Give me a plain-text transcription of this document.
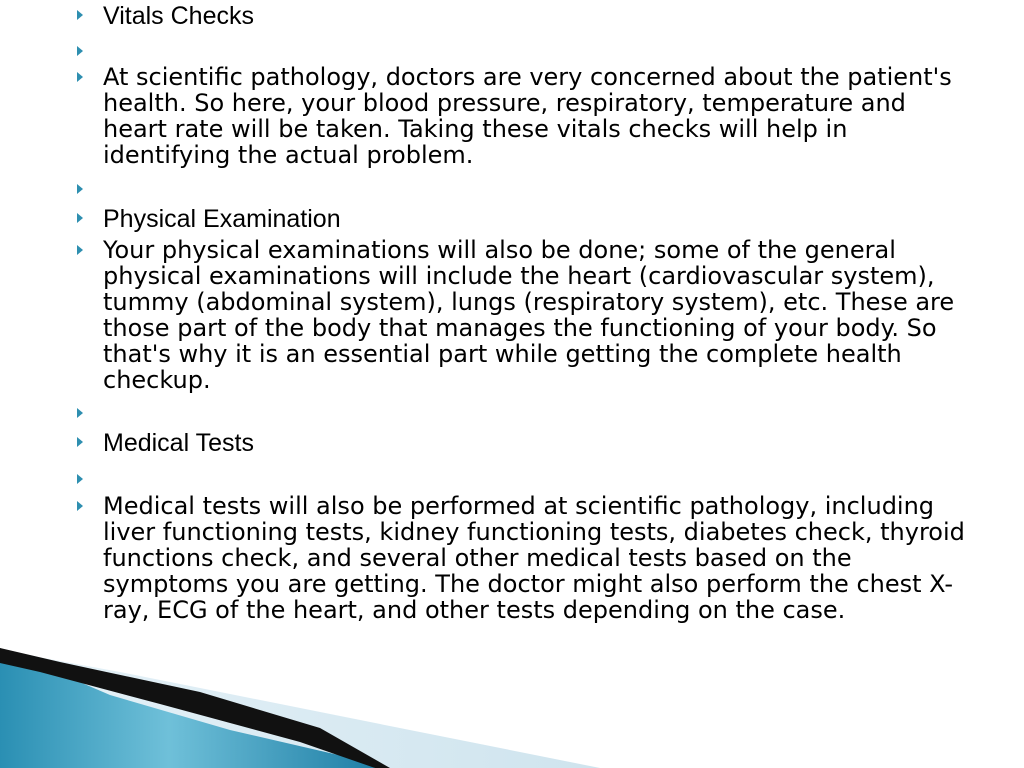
Vitals Checks
At scientific pathology, doctors are very concerned about the patient's health. So here, your blood pressure, respiratory, temperature and heart rate will be taken. Taking these vitals checks will help in identifying the actual problem.
Physical Examination
Your physical examinations will also be done; some of the general physical examinations will include the heart (cardiovascular system), tummy (abdominal system), lungs (respiratory system), etc. These are those part of the body that manages the functioning of your body. So that's why it is an essential part while getting the complete health checkup.
Medical Tests
Medical tests will also be performed at scientific pathology, including liver functioning tests, kidney functioning tests, diabetes check, thyroid functions check, and several other medical tests based on the symptoms you are getting. The doctor might also perform the chest X-ray, ECG of the heart, and other tests depending on the case.
